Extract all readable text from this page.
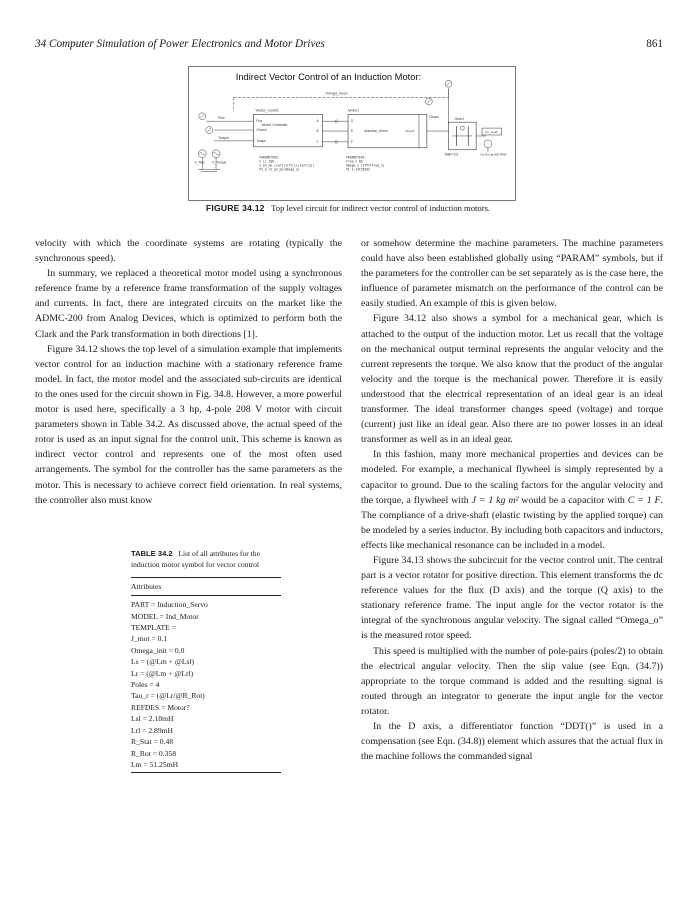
34 Computer Simulation of Power Electronics and Motor Drives	861
Indirect Vector Control of an Induction Motor:
Omega_mech
Flux
Torque
Vector_Contrl1
Vector Controller
Flux
Omech
Torque
A
B
C
Motor1
D
E
F
Induction_Servo	Omech
Torque	Gear1
Ratio=3.5
Lm_Load
3.6 Nm @ 800 RPM
V_Flux V_Torque
PARAMETERS:
V_LL 208
V_ph_pk (sqrt(2)*V_LL/sqrt(3))
PS_e (V_ph_pk/Omega_e)
PARAMETERS:
Freq_n 60
Omega_e (2*PI*Freq_n)
PI 3.14159265
FIGURE 34.12 Top level circuit for indirect vector control of induction motors.

velocity with which the coordinate systems are rotating (typically the synchronous speed).

In summary, we replaced a theoretical motor model using a synchronous reference frame by a reference frame transformation of the supply voltages and currents. In fact, there are integrated circuits on the market like the ADMC-200 from Analog Devices, which is optimized to perform both the Clark and the Park transformation in both directions [1].

Figure 34.12 shows the top level of a simulation example that implements vector control for an induction machine with a stationary reference frame model. In fact, the motor model and the associated sub-circuits are identical to the ones used for the circuit shown in Fig. 34.8. However, a more powerful motor is used here, specifically a 3 hp, 4-pole 208 V motor with circuit parameters shown in Table 34.2. As discussed above, the actual speed of the rotor is used as an input signal for the control unit. This scheme is known as indirect vector control and represents one of the most often used arrangements. The symbol for the controller has the same parameters as the motor. This is necessary to achieve correct field orientation. In real systems, the controller also must know

TABLE 34.2 List of all attributes for the induction motor symbol for vector control
Attributes
PART = Induction_Servo
MODEL = Ind_Motor
TEMPLATE =
J_mot = 0.1
Omega_init = 0.0
Ls = (@Lm + @Lsl)
Lr = (@Lm + @Lrl)
Poles = 4
Tau_r = (@Lr/@R_Rot)
REFDES = Motor?
Lsl = 2.18mH
Lrl = 2.89mH
R_Stat = 0.48
R_Rot = 0.358
Lm = 51.25mH

or somehow determine the machine parameters. The machine parameters could have also been established globally using “PARAM” symbols, but if the parameters for the controller can be set separately as is the case here, the influence of parameter mismatch on the performance of the control can be easily studied. An example of this is given below.

Figure 34.12 also shows a symbol for a mechanical gear, which is attached to the output of the induction motor. Let us recall that the voltage on the mechanical output terminal represents the angular velocity and the current represents the torque. We also know that the product of the angular velocity and the torque is the mechanical power. Therefore it is easily understood that the electrical representation of an ideal gear is an ideal transformer. The ideal transformer changes speed (voltage) and torque (current) just like an ideal gear. Also there are no power losses in an ideal transformer as well as in an ideal gear.

In this fashion, many more mechanical properties and devices can be modeled. For example, a mechanical flywheel is simply represented by a capacitor to ground. Due to the scaling factors for the angular velocity and the torque, a flywheel with J = 1 kg m² would be a capacitor with C = 1 F. The compliance of a drive-shaft (elastic twisting by the applied torque) can be modeled by a series inductor. By including both capacitors and inductors, effects like mechanical resonance can be included in a model.

Figure 34.13 shows the subcircuit for the vector control unit. The central part is a vector rotator for positive direction. This element transforms the dc reference values for the flux (D axis) and the torque (Q axis) to the stationary reference frame. The input angle for the vector rotator is the integral of the synchronous angular velocity. The signal called “Omega_o” is the measured rotor speed.

This speed is multiplied with the number of pole-pairs (poles/2) to obtain the electrical angular velocity. Then the slip value (see Eqn. (34.7)) appropriate to the torque command is added and the resulting signal is routed through an integrator to generate the input angle for the vector rotator.

In the D axis, a differentiator function “DDT()” is used in a compensation (see Eqn. (34.8)) element which assures that the actual flux in the machine follows the commanded signal
